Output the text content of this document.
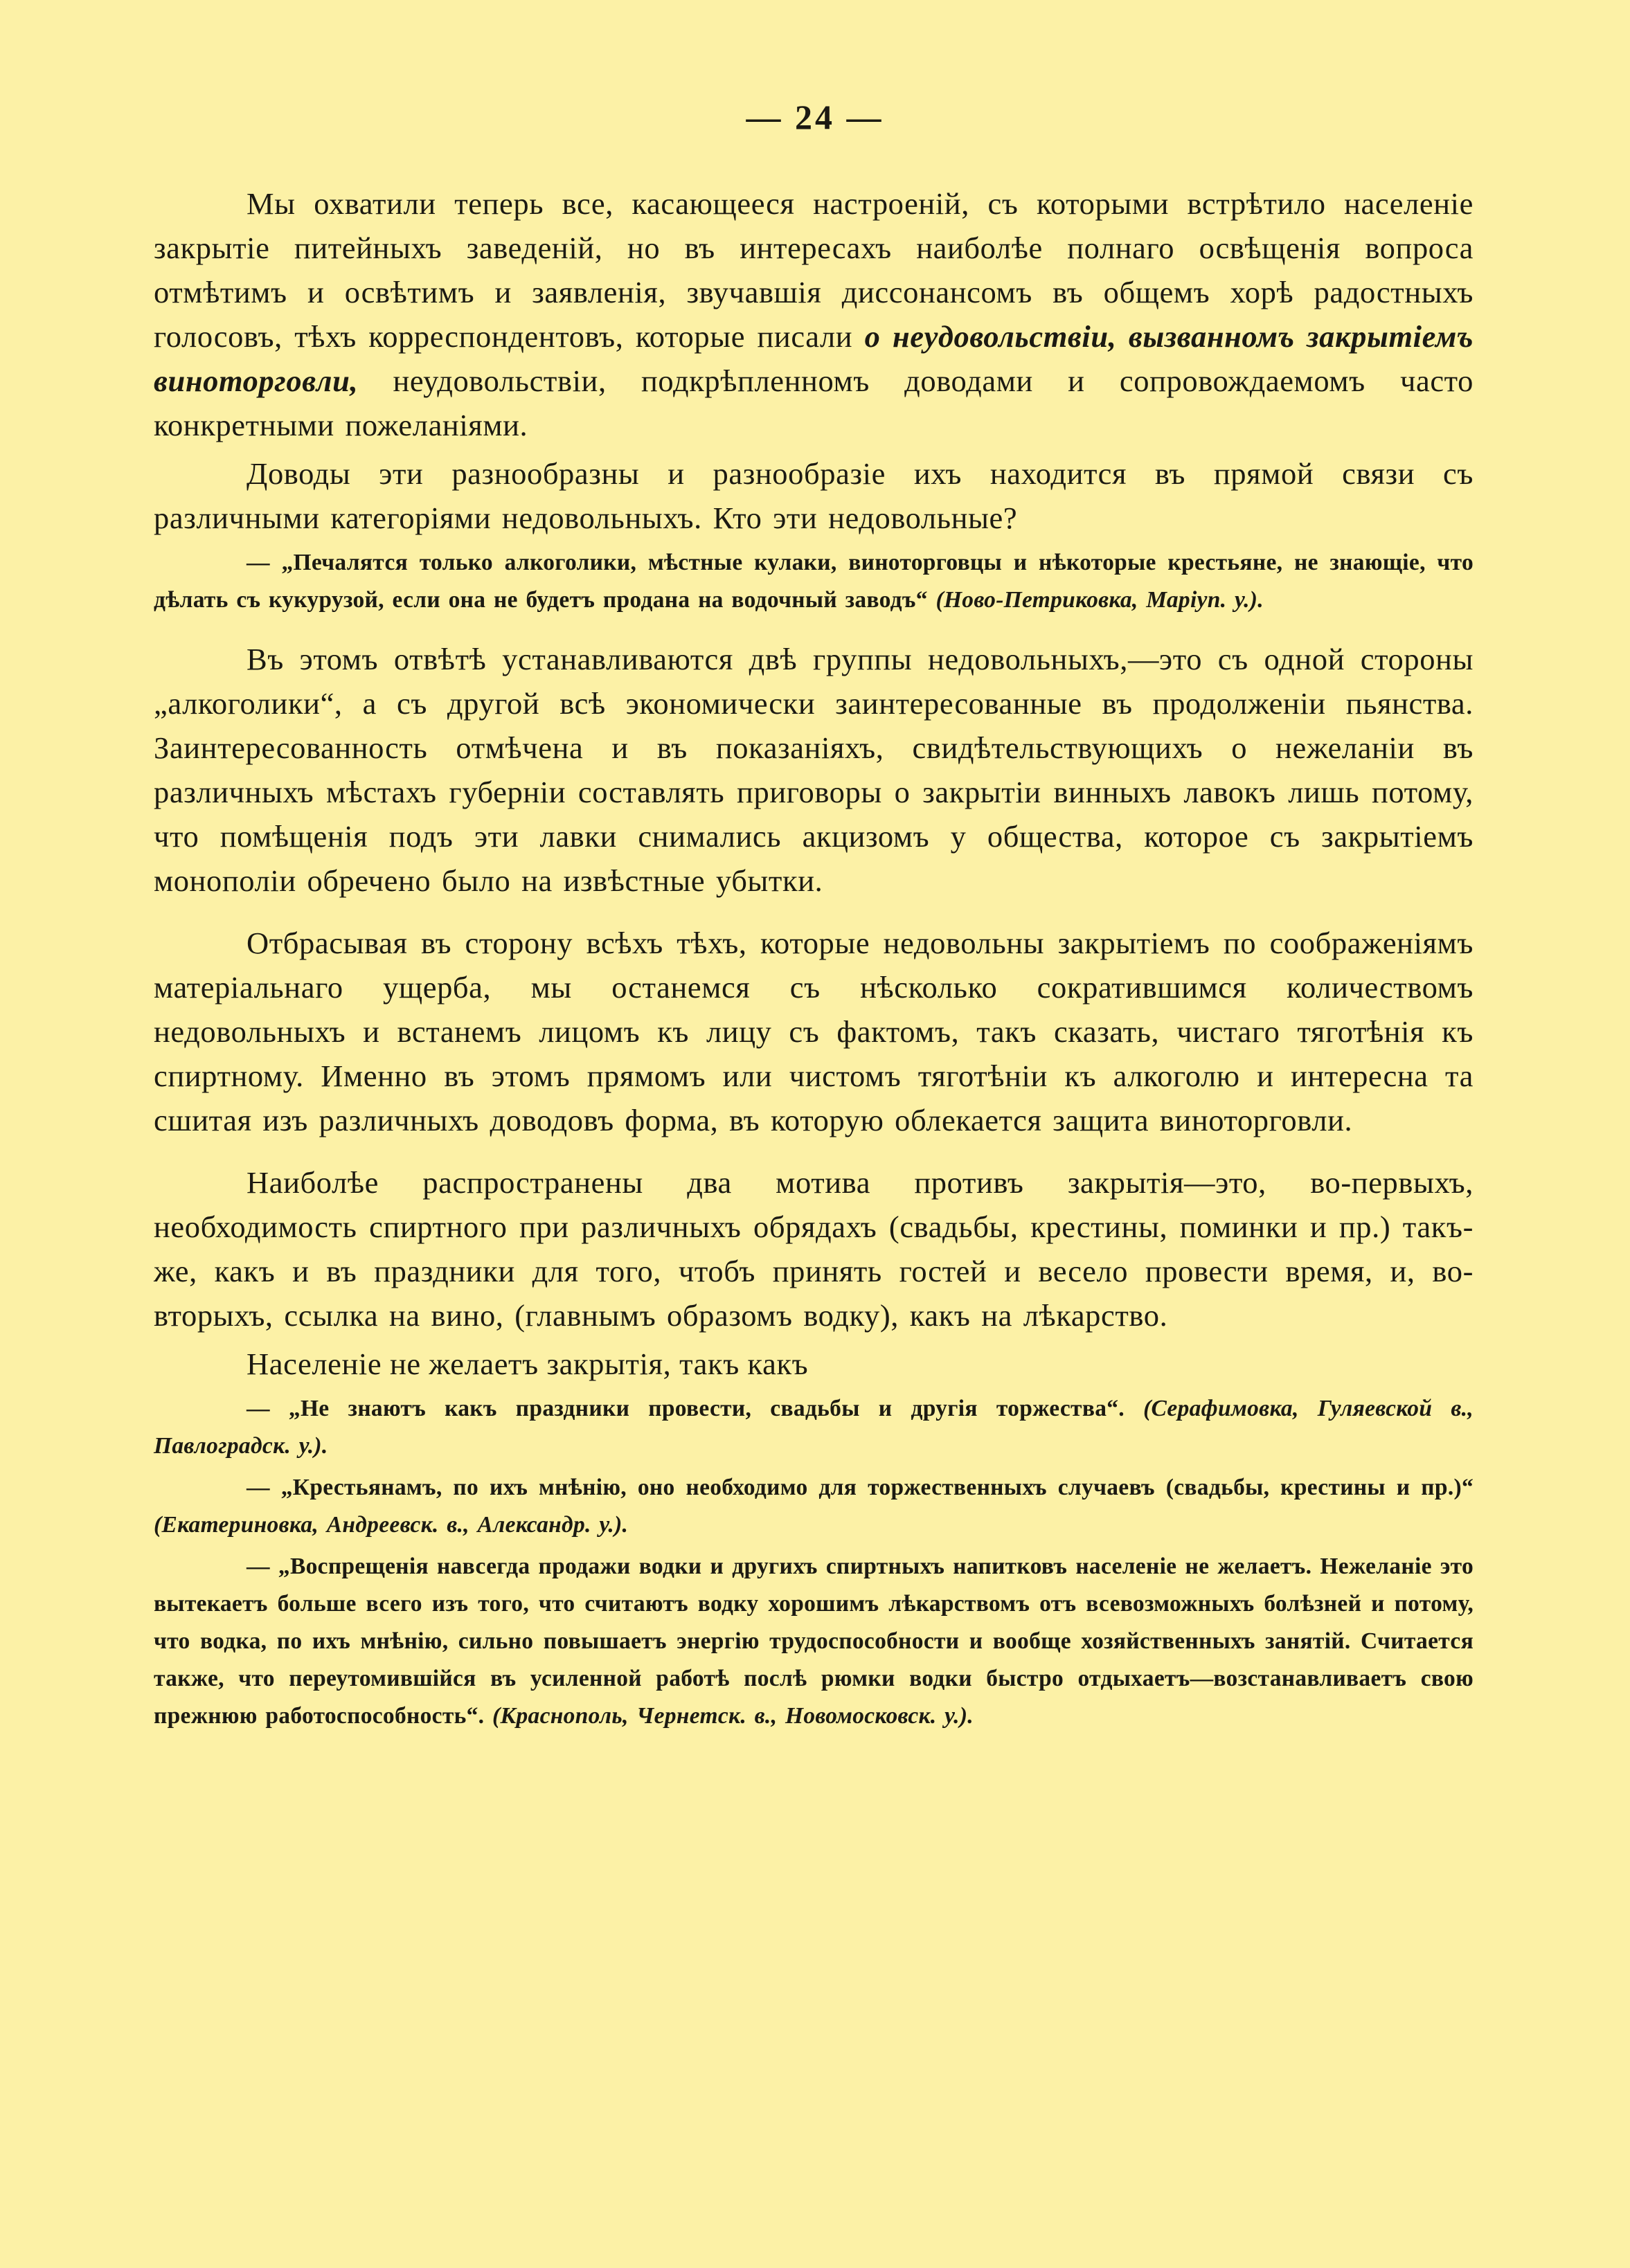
— 24 —

Мы охватили теперь все, касающееся настроеній, съ которыми встрѣтило населеніе закрытіе питейныхъ заведеній, но въ интересахъ наиболѣе полнаго освѣщенія вопроса отмѣтимъ и освѣтимъ и заявленія, звучавшія диссонансомъ въ общемъ хорѣ радостныхъ голосовъ, тѣхъ корреспондентовъ, которые писали о неудовольствіи, вызванномъ закрытіемъ виноторговли, неудовольствіи, подкрѣпленномъ доводами и сопровождаемомъ часто конкретными пожеланіями.

Доводы эти разнообразны и разнообразіе ихъ находится въ прямой связи съ различными категоріями недовольныхъ. Кто эти недовольные?

— „Печалятся только алкоголики, мѣстные кулаки, виноторговцы и нѣкоторые крестьяне, не знающіе, что дѣлать съ кукурузой, если она не будетъ продана на водочный заводъ“ (Ново-Петриковка, Маріуп. у.).

Въ этомъ отвѣтѣ устанавливаются двѣ группы недовольныхъ,—это съ одной стороны „алкоголики“, а съ другой всѣ экономически заинтересованные въ продолженіи пьянства. Заинтересованность отмѣчена и въ показаніяхъ, свидѣтельствующихъ о нежеланіи въ различныхъ мѣстахъ губерніи составлять приговоры о закрытіи винныхъ лавокъ лишь потому, что помѣщенія подъ эти лавки снимались акцизомъ у общества, которое съ закрытіемъ монополіи обречено было на извѣстные убытки.

Отбрасывая въ сторону всѣхъ тѣхъ, которые недовольны закрытіемъ по соображеніямъ матеріальнаго ущерба, мы останемся съ нѣсколько сократившимся количествомъ недовольныхъ и встанемъ лицомъ къ лицу съ фактомъ, такъ сказать, чистаго тяготѣнія къ спиртному. Именно въ этомъ прямомъ или чистомъ тяготѣніи къ алкоголю и интересна та сшитая изъ различныхъ доводовъ форма, въ которую облекается защита виноторговли.

Наиболѣе распространены два мотива противъ закрытія—это, во-первыхъ, необходимость спиртного при различныхъ обрядахъ (свадьбы, крестины, поминки и пр.) такъ-же, какъ и въ праздники для того, чтобъ принять гостей и весело провести время, и, во-вторыхъ, ссылка на вино, (главнымъ образомъ водку), какъ на лѣкарство.

Населеніе не желаетъ закрытія, такъ какъ

— „Не знаютъ какъ праздники провести, свадьбы и другія торжества“. (Серафимовка, Гуляевской в., Павлоградск. у.).

— „Крестьянамъ, по ихъ мнѣнію, оно необходимо для торжественныхъ случаевъ (свадьбы, крестины и пр.)“ (Екатериновка, Андреевск. в., Александр. у.).

— „Воспрещенія навсегда продажи водки и другихъ спиртныхъ напитковъ населеніе не желаетъ. Нежеланіе это вытекаетъ больше всего изъ того, что считаютъ водку хорошимъ лѣкарствомъ отъ всевозможныхъ болѣзней и потому, что водка, по ихъ мнѣнію, сильно повышаетъ энергію трудоспособности и вообще хозяйственныхъ занятій. Считается также, что переутомившійся въ усиленной работѣ послѣ рюмки водки быстро отдыхаетъ—возстанавливаетъ свою прежнюю работоспособность“. (Краснополь, Чернетск. в., Новомосковск. у.).
